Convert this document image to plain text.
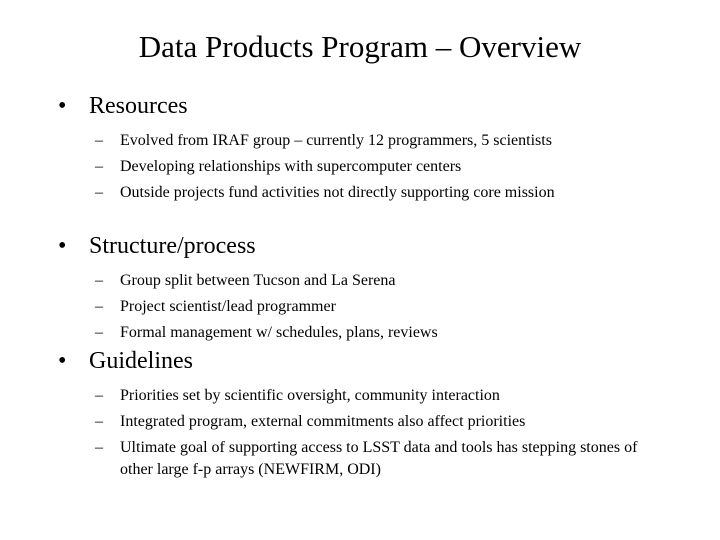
Data Products Program – Overview
• Resources
– Evolved from IRAF group – currently 12 programmers, 5 scientists
– Developing relationships with supercomputer centers
– Outside projects fund activities not directly supporting core mission
• Structure/process
– Group split between Tucson and La Serena
– Project scientist/lead programmer
– Formal management w/ schedules, plans, reviews
• Guidelines
– Priorities set by scientific oversight, community interaction
– Integrated program, external commitments also affect priorities
– Ultimate goal of supporting access to LSST data and tools has stepping stones of other large f-p arrays (NEWFIRM, ODI)
